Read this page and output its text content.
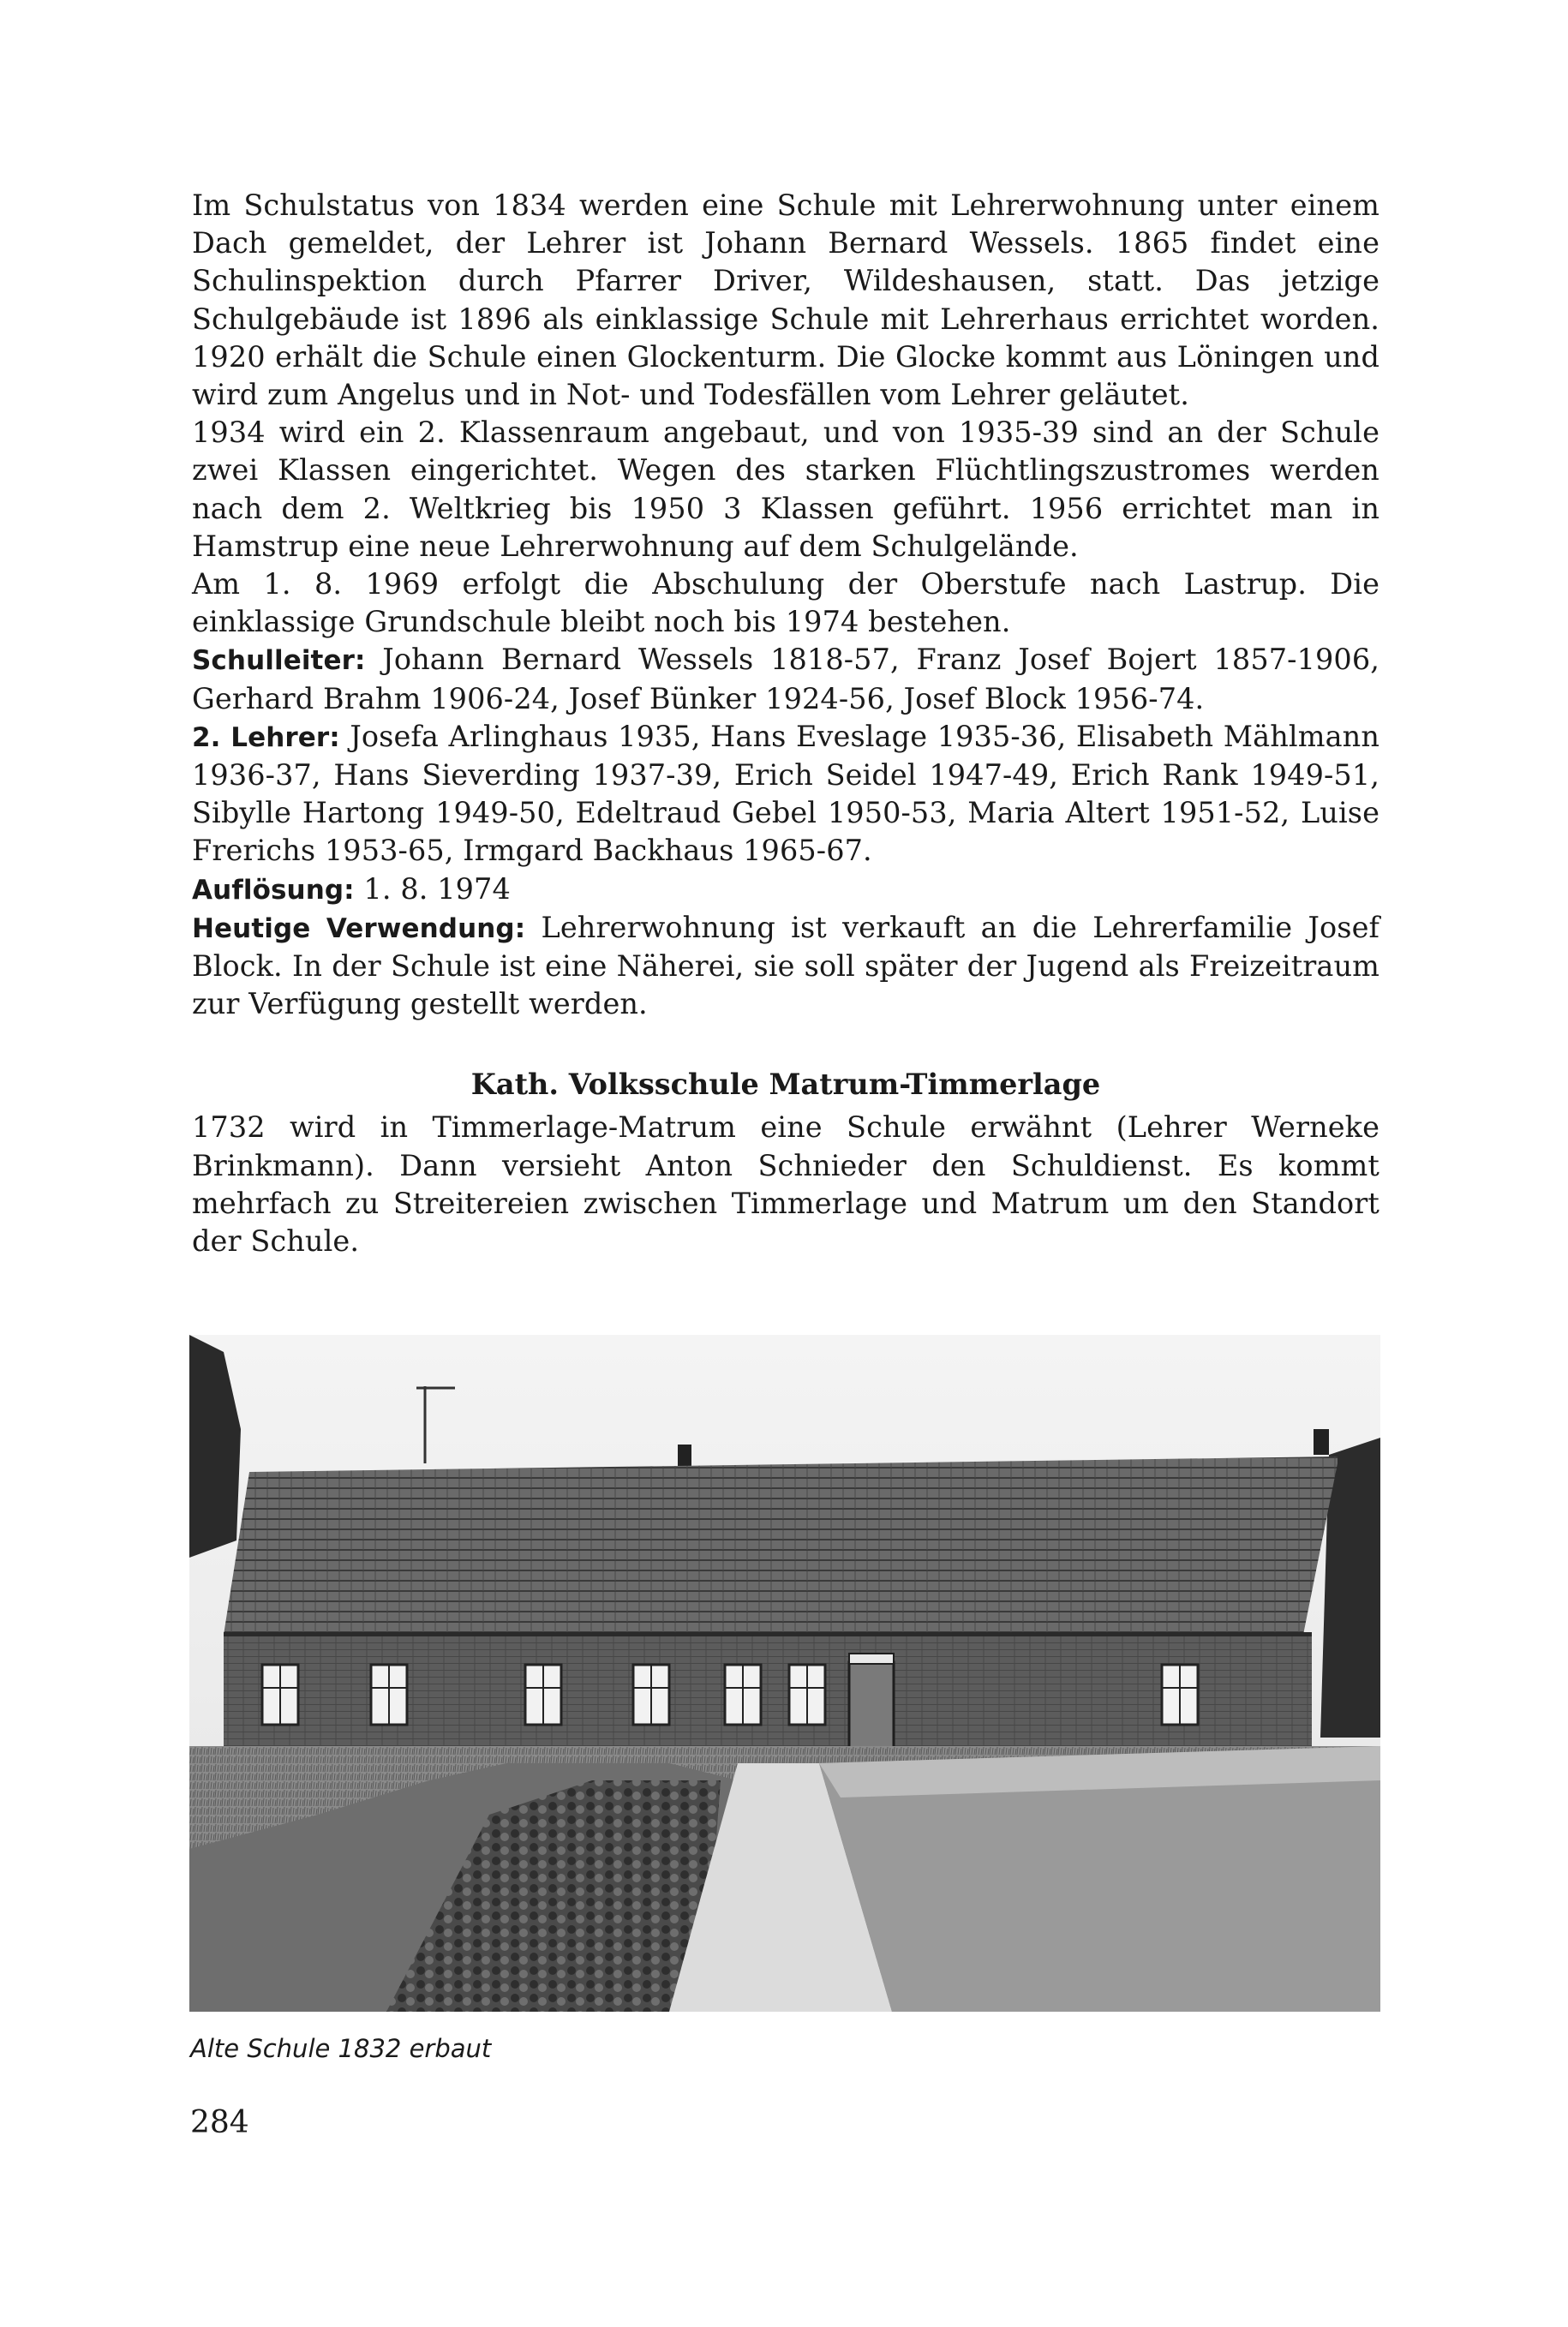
Im Schulstatus von 1834 werden eine Schule mit Lehrerwohnung unter einem Dach gemeldet, der Lehrer ist Johann Bernard Wessels. 1865 findet eine Schulinspektion durch Pfarrer Driver, Wildeshausen, statt. Das jetzige Schulgebäude ist 1896 als einklassige Schule mit Lehrerhaus errichtet worden. 1920 erhält die Schule einen Glockenturm. Die Glocke kommt aus Löningen und wird zum Angelus und in Not- und Todesfällen vom Lehrer geläutet.

1934 wird ein 2. Klassenraum angebaut, und von 1935-39 sind an der Schule zwei Klassen eingerichtet. Wegen des starken Flüchtlingszustromes werden nach dem 2. Weltkrieg bis 1950 3 Klassen geführt. 1956 errichtet man in Hamstrup eine neue Lehrerwohnung auf dem Schulgelände.

Am 1. 8. 1969 erfolgt die Abschulung der Oberstufe nach Lastrup. Die einklassige Grundschule bleibt noch bis 1974 bestehen.

Schulleiter: Johann Bernard Wessels 1818-57, Franz Josef Bojert 1857-1906, Gerhard Brahm 1906-24, Josef Bünker 1924-56, Josef Block 1956-74.

2. Lehrer: Josefa Arlinghaus 1935, Hans Eveslage 1935-36, Elisabeth Mählmann 1936-37, Hans Sieverding 1937-39, Erich Seidel 1947-49, Erich Rank 1949-51, Sibylle Hartong 1949-50, Edeltraud Gebel 1950-53, Maria Altert 1951-52, Luise Frerichs 1953-65, Irmgard Backhaus 1965-67.

Auflösung: 1. 8. 1974

Heutige Verwendung: Lehrerwohnung ist verkauft an die Lehrerfamilie Josef Block. In der Schule ist eine Näherei, sie soll später der Jugend als Freizeitraum zur Verfügung gestellt werden.

Kath. Volksschule Matrum-Timmerlage

1732 wird in Timmerlage-Matrum eine Schule erwähnt (Lehrer Werneke Brinkmann). Dann versieht Anton Schnieder den Schuldienst. Es kommt mehrfach zu Streitereien zwischen Timmerlage und Matrum um den Standort der Schule.

Alte Schule 1832 erbaut
284
